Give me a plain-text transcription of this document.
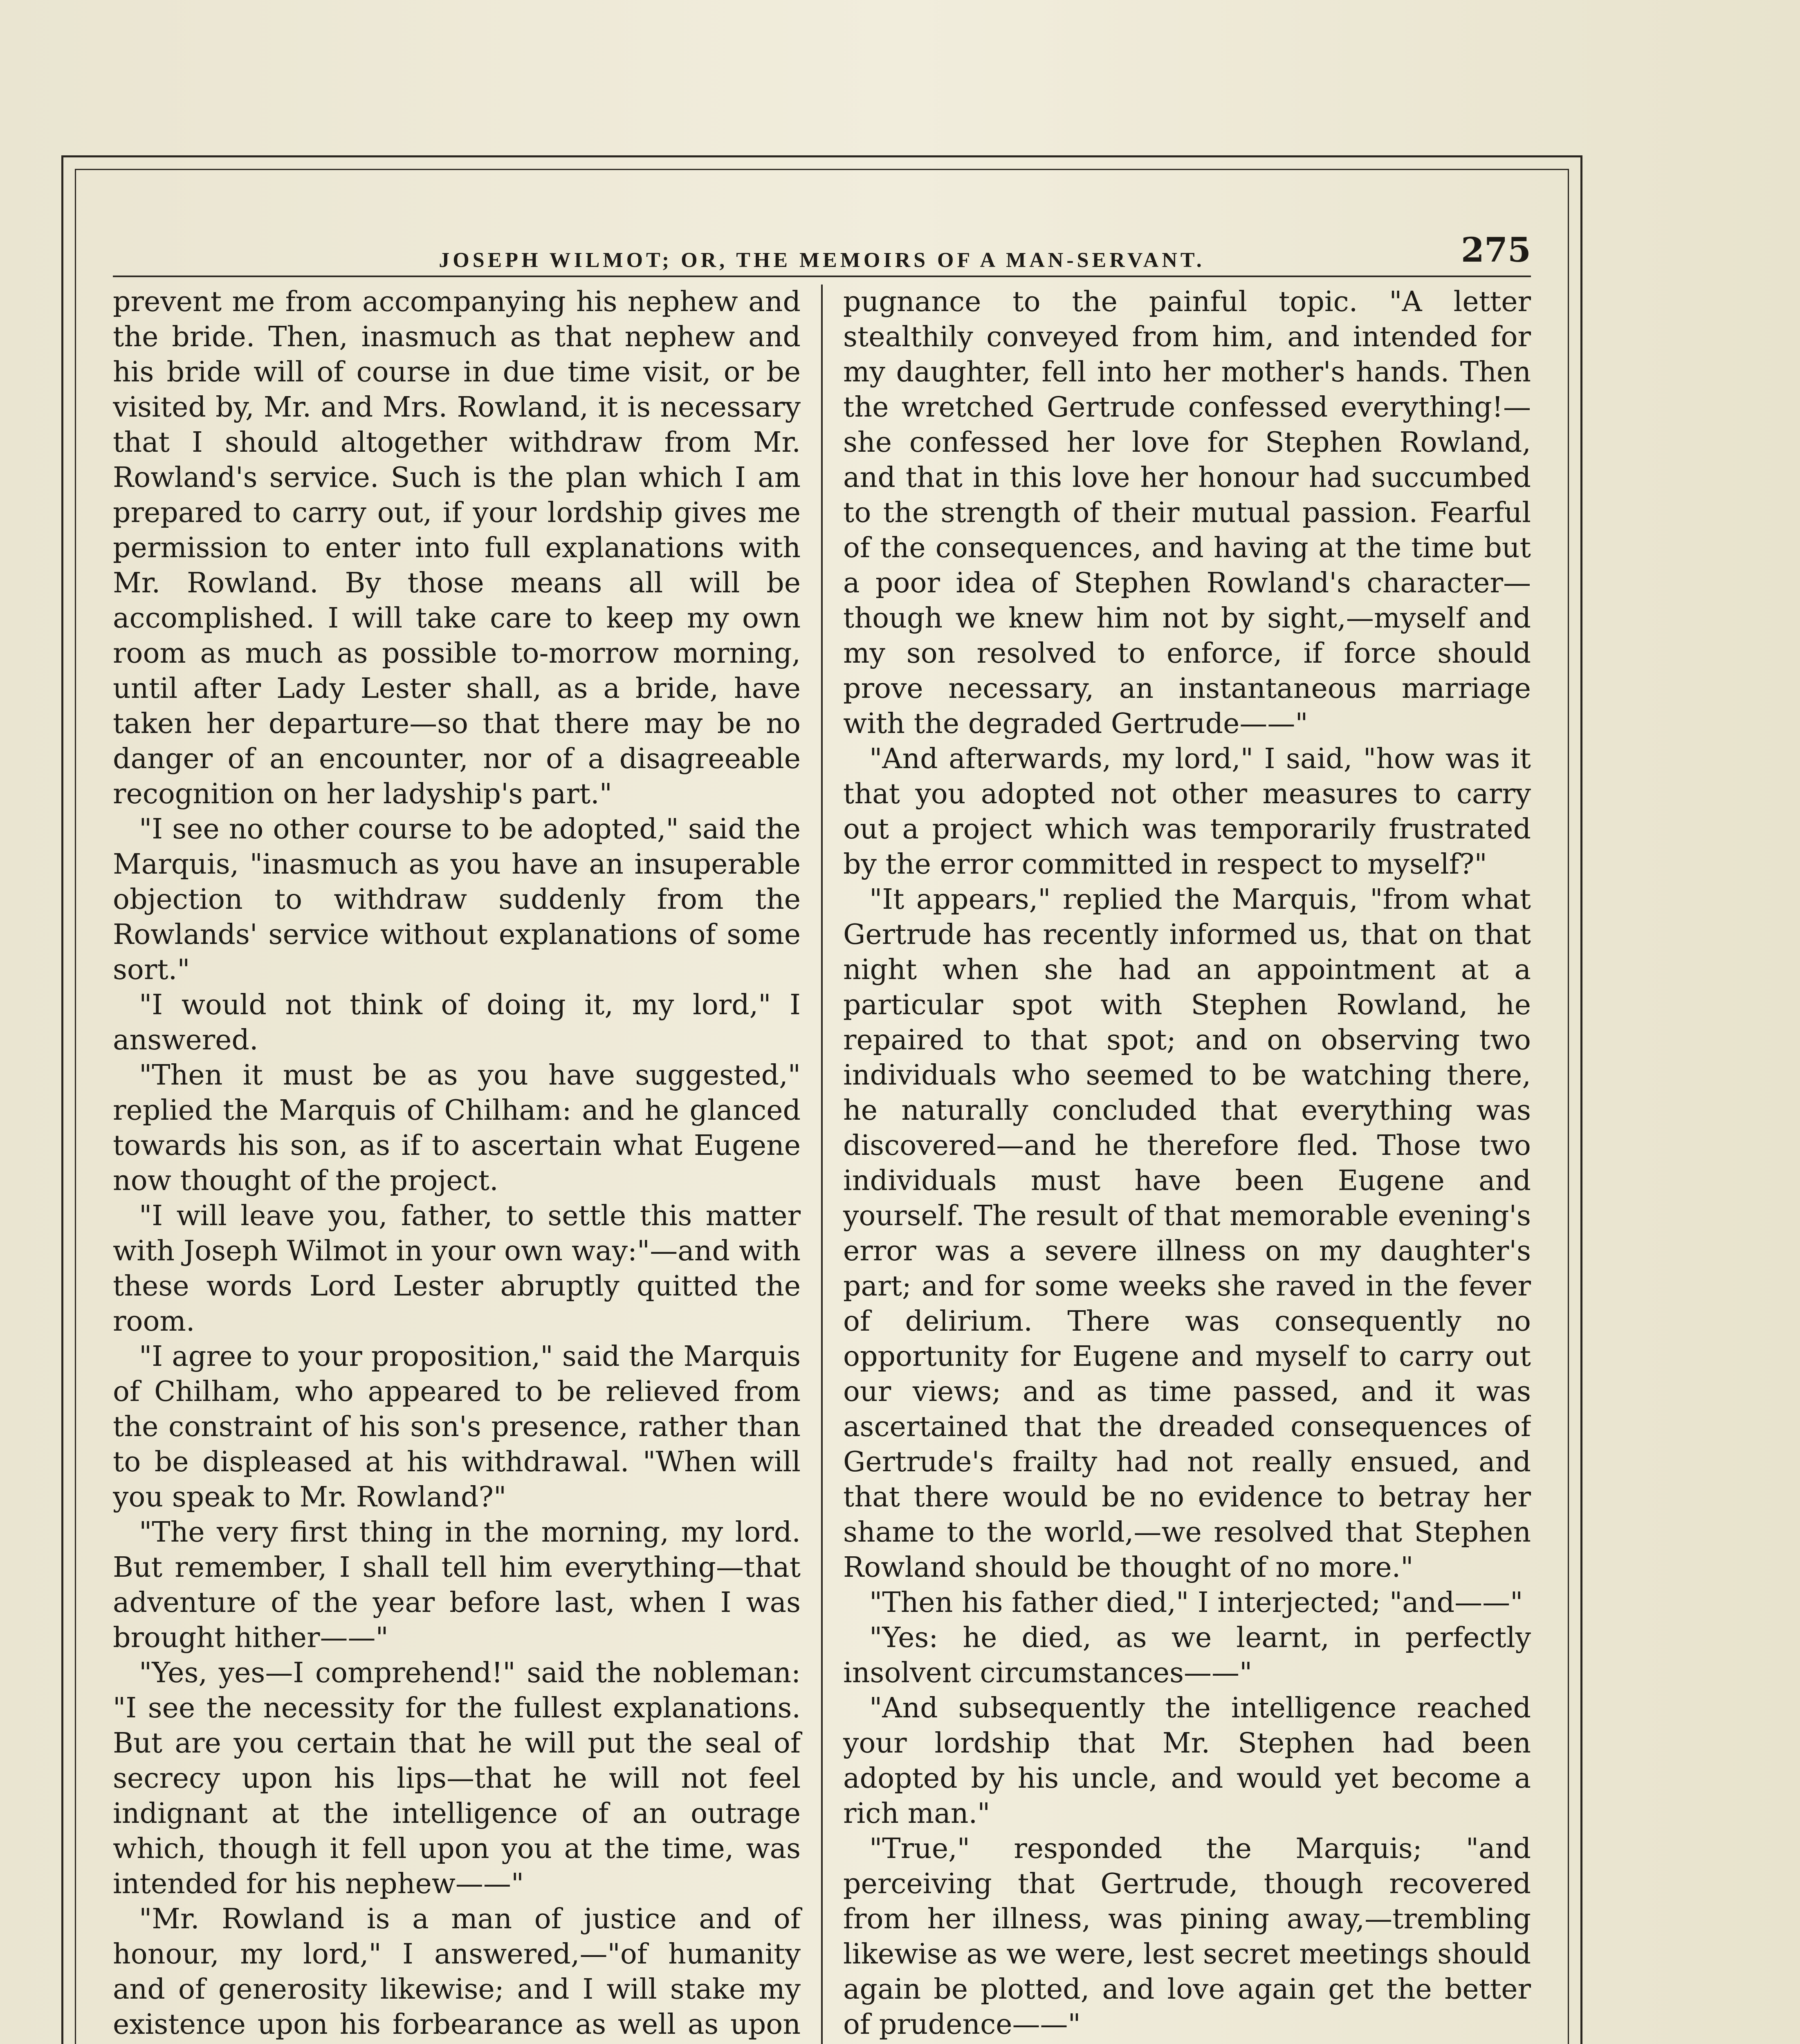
JOSEPH WILMOT; OR, THE MEMOIRS OF A MAN-SERVANT.	275

prevent me from accompanying his nephew and the bride. Then, inasmuch as that nephew and his bride will of course in due time visit, or be visited by, Mr. and Mrs. Rowland, it is necessary that I should altogether withdraw from Mr. Rowland's service. Such is the plan which I am prepared to carry out, if your lordship gives me permission to enter into full explanations with Mr. Rowland. By those means all will be accomplished. I will take care to keep my own room as much as possible to-morrow morning, until after Lady Lester shall, as a bride, have taken her departure—so that there may be no danger of an encounter, nor of a disagreeable recognition on her ladyship's part."

"I see no other course to be adopted," said the Marquis, "inasmuch as you have an insuperable objection to withdraw suddenly from the Rowlands' service without explanations of some sort."

"I would not think of doing it, my lord," I answered.

"Then it must be as you have suggested," replied the Marquis of Chilham: and he glanced towards his son, as if to ascertain what Eugene now thought of the project.

"I will leave you, father, to settle this matter with Joseph Wilmot in your own way:"—and with these words Lord Lester abruptly quitted the room.

"I agree to your proposition," said the Marquis of Chilham, who appeared to be relieved from the constraint of his son's presence, rather than to be displeased at his withdrawal. "When will you speak to Mr. Rowland?"

"The very first thing in the morning, my lord. But remember, I shall tell him everything—that adventure of the year before last, when I was brought hither——"

"Yes, yes—I comprehend!" said the nobleman: "I see the necessity for the fullest explanations. But are you certain that he will put the seal of secrecy upon his lips—that he will not feel indignant at the intelligence of an outrage which, though it fell upon you at the time, was intended for his nephew——"

"Mr. Rowland is a man of justice and of honour, my lord," I answered,—"of humanity and of generosity likewise; and I will stake my existence upon his forbearance as well as upon

pugnance to the painful topic. "A letter stealthily conveyed from him, and intended for my daughter, fell into her mother's hands. Then the wretched Gertrude confessed everything!—she confessed her love for Stephen Rowland, and that in this love her honour had succumbed to the strength of their mutual passion. Fearful of the consequences, and having at the time but a poor idea of Stephen Rowland's character—though we knew him not by sight,—myself and my son resolved to enforce, if force should prove necessary, an instantaneous marriage with the degraded Gertrude——"

"And afterwards, my lord," I said, "how was it that you adopted not other measures to carry out a project which was temporarily frustrated by the error committed in respect to myself?"

"It appears," replied the Marquis, "from what Gertrude has recently informed us, that on that night when she had an appointment at a particular spot with Stephen Rowland, he repaired to that spot; and on observing two individuals who seemed to be watching there, he naturally concluded that everything was discovered—and he therefore fled. Those two individuals must have been Eugene and yourself. The result of that memorable evening's error was a severe illness on my daughter's part; and for some weeks she raved in the fever of delirium. There was consequently no opportunity for Eugene and myself to carry out our views; and as time passed, and it was ascertained that the dreaded consequences of Gertrude's frailty had not really ensued, and that there would be no evidence to betray her shame to the world,—we resolved that Stephen Rowland should be thought of no more."

"Then his father died," I interjected; "and——"

"Yes: he died, as we learnt, in perfectly insolvent circumstances——"

"And subsequently the intelligence reached your lordship that Mr. Stephen had been adopted by his uncle, and would yet become a rich man."

"True," responded the Marquis; "and perceiving that Gertrude, though recovered from her illness, was pining away,—trembling likewise as we were, lest secret meetings should again be plotted, and love again get the better of prudence——"
